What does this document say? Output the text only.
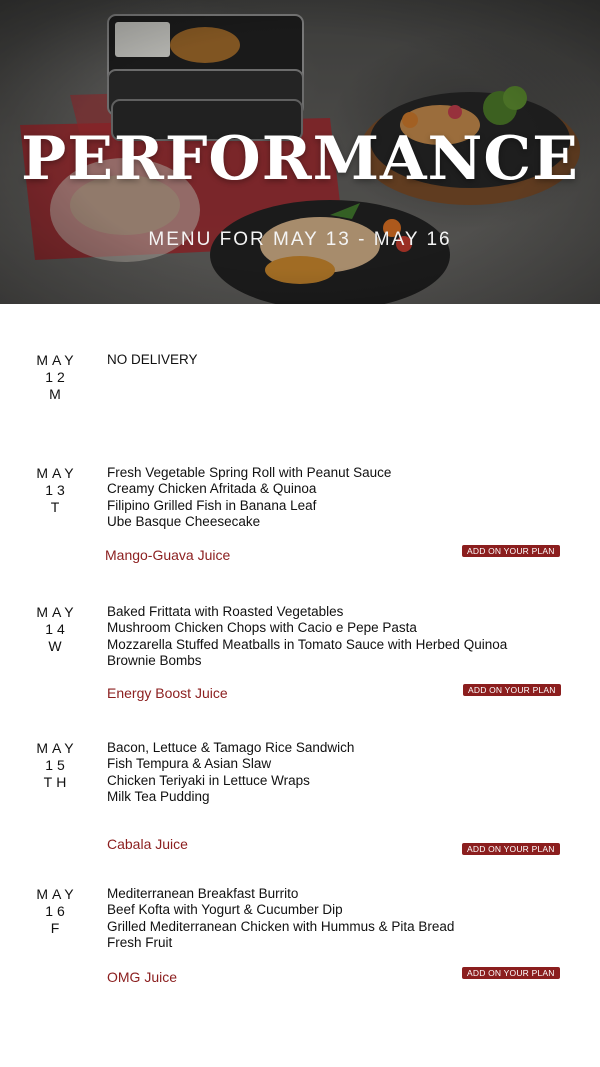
PERFORMANCE

MENU FOR MAY 13 - MAY 16

MAY 12
M
NO DELIVERY
MAY 13
T
Fresh Vegetable Spring Roll with Peanut Sauce
Creamy Chicken Afritada & Quinoa
Filipino Grilled Fish in Banana Leaf
Ube Basque Cheesecake
Mango-Guava Juice	ADD ON YOUR PLAN
MAY 14
W
Baked Frittata with Roasted Vegetables
Mushroom Chicken Chops with Cacio e Pepe Pasta
Mozzarella Stuffed Meatballs in Tomato Sauce with Herbed Quinoa
Brownie Bombs
Energy Boost Juice	ADD ON YOUR PLAN
MAY 15
TH
Bacon, Lettuce & Tamago Rice Sandwich
Fish Tempura & Asian Slaw
Chicken Teriyaki in Lettuce Wraps
Milk Tea Pudding
Cabala Juice	ADD ON YOUR PLAN
MAY 16
F
Mediterranean Breakfast Burrito
Beef Kofta with Yogurt & Cucumber Dip
Grilled Mediterranean Chicken with Hummus & Pita Bread
Fresh Fruit
OMG Juice	ADD ON YOUR PLAN
